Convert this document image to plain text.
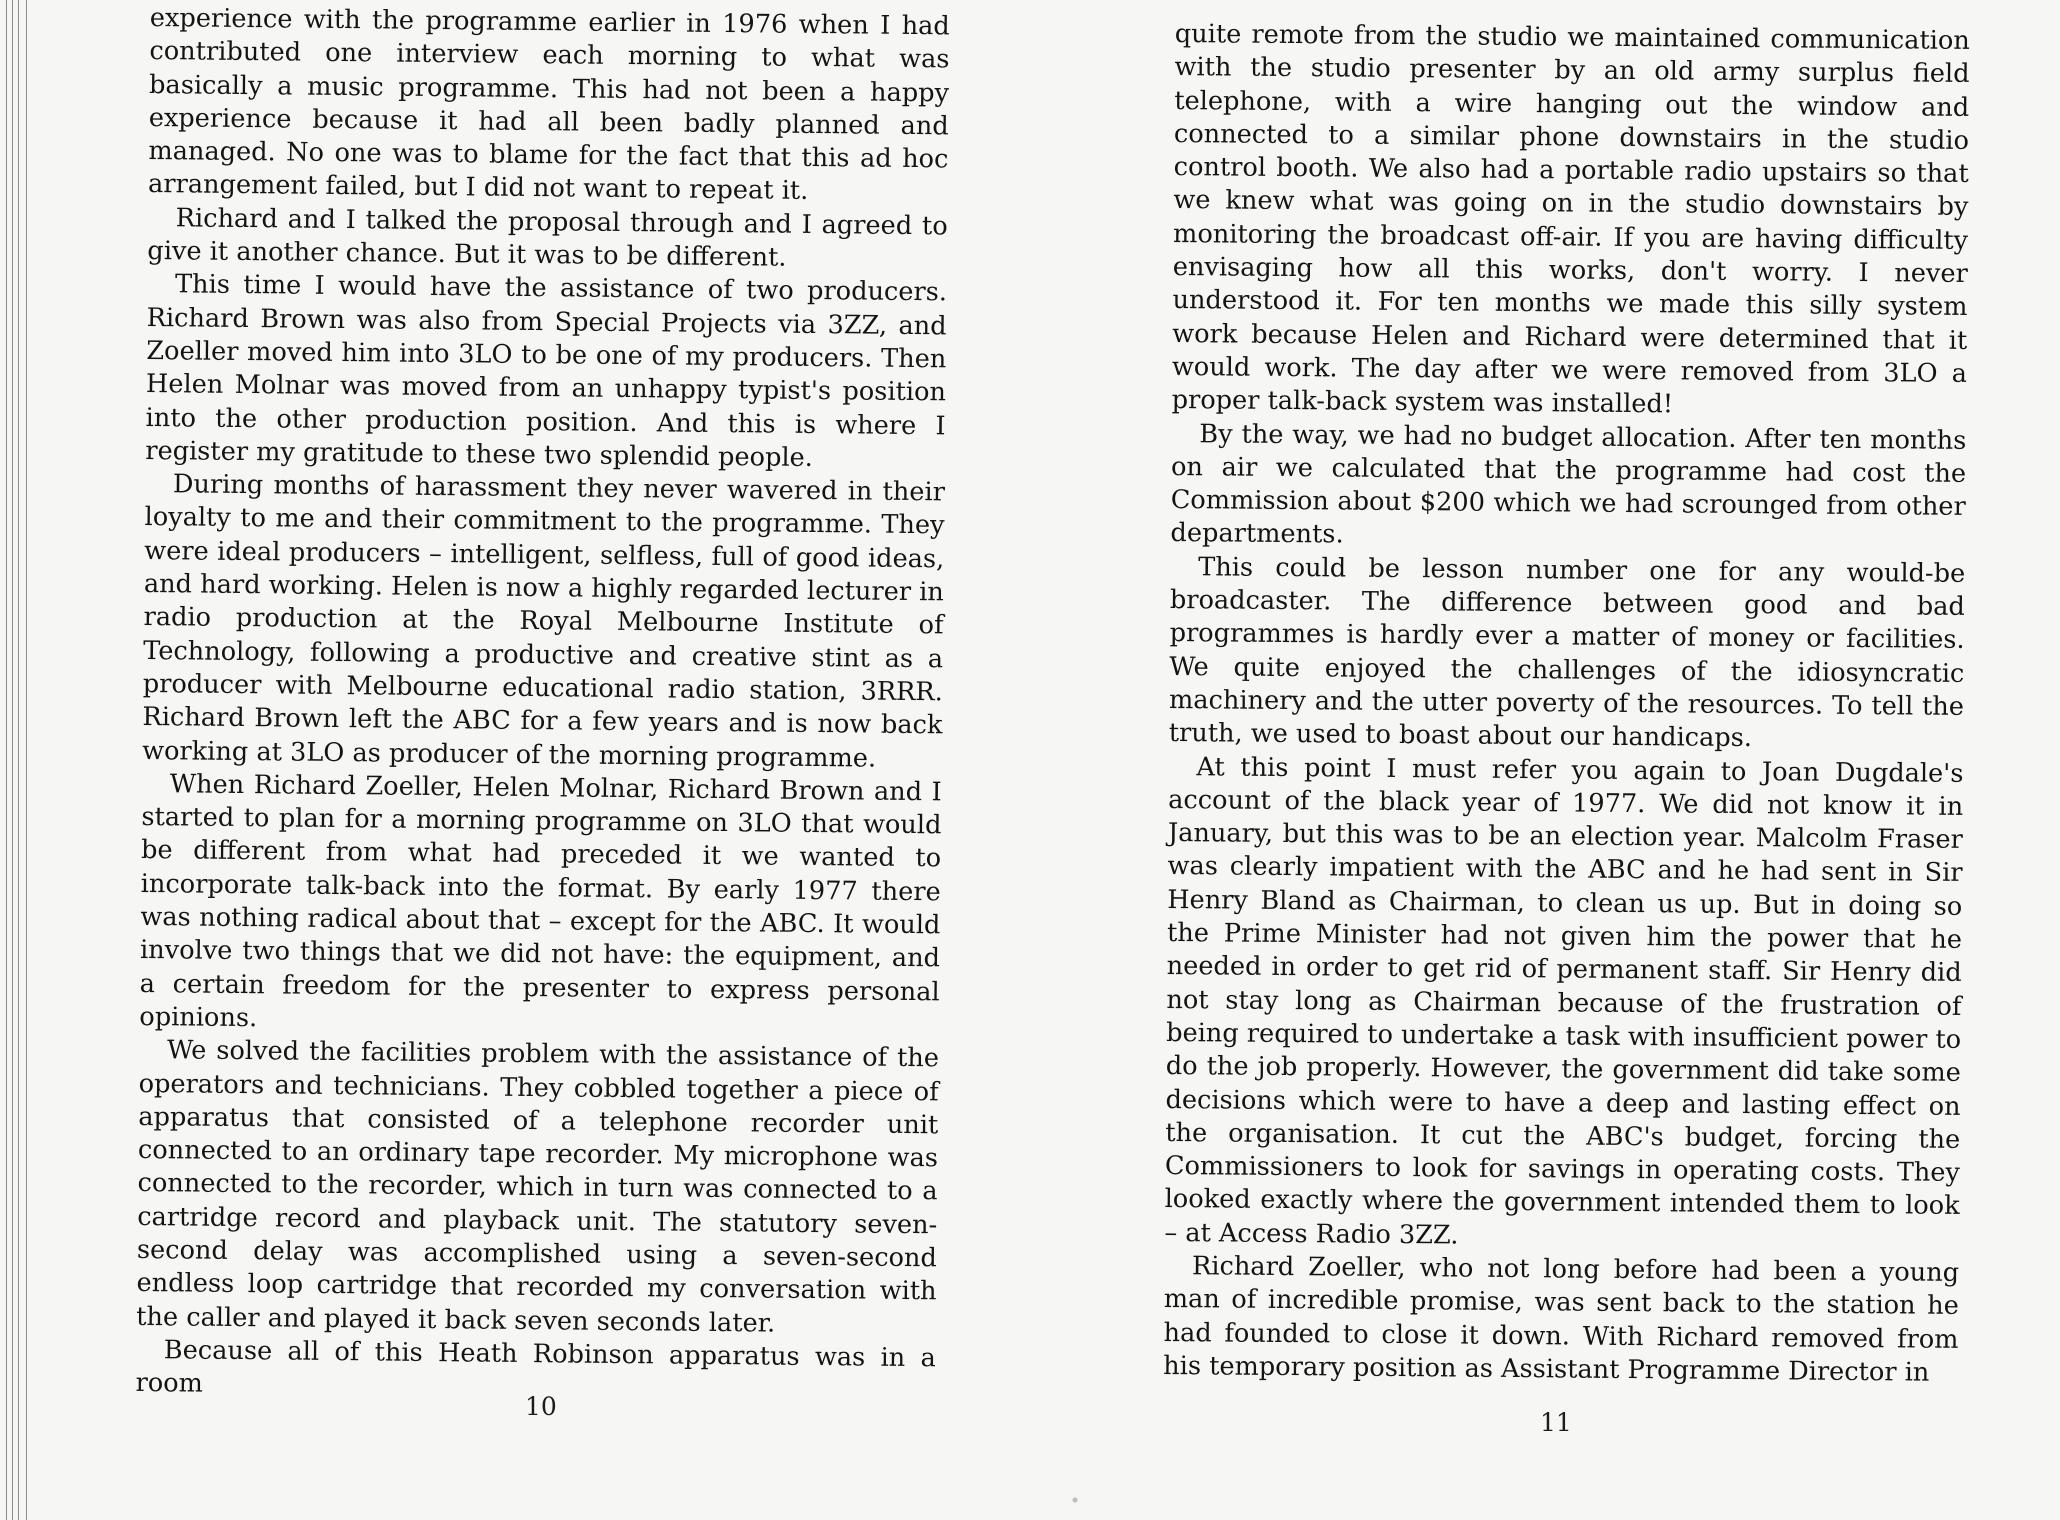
experience with the programme earlier in 1976 when I had contributed one interview each morning to what was basically a music programme. This had not been a happy experience because it had all been badly planned and managed. No one was to blame for the fact that this ad hoc arrangement failed, but I did not want to repeat it.

Richard and I talked the proposal through and I agreed to give it another chance. But it was to be different.

This time I would have the assistance of two producers. Richard Brown was also from Special Projects via 3ZZ, and Zoeller moved him into 3LO to be one of my producers. Then Helen Molnar was moved from an unhappy typist's position into the other production position. And this is where I register my gratitude to these two splendid people.

During months of harassment they never wavered in their loyalty to me and their commitment to the programme. They were ideal producers – intelligent, selfless, full of good ideas, and hard working. Helen is now a highly regarded lecturer in radio production at the Royal Melbourne Institute of Technology, following a productive and creative stint as a producer with Melbourne educational radio station, 3RRR. Richard Brown left the ABC for a few years and is now back working at 3LO as producer of the morning programme.

When Richard Zoeller, Helen Molnar, Richard Brown and I started to plan for a morning programme on 3LO that would be different from what had preceded it we wanted to incorporate talk-back into the format. By early 1977 there was nothing radical about that – except for the ABC. It would involve two things that we did not have: the equipment, and a certain freedom for the presenter to express personal opinions.

We solved the facilities problem with the assistance of the operators and technicians. They cobbled together a piece of apparatus that consisted of a telephone recorder unit connected to an ordinary tape recorder. My microphone was connected to the recorder, which in turn was connected to a cartridge record and playback unit. The statutory seven-second delay was accomplished using a seven-second endless loop cartridge that recorded my conversation with the caller and played it back seven seconds later.

Because all of this Heath Robinson apparatus was in a room

10

quite remote from the studio we maintained communication with the studio presenter by an old army surplus field telephone, with a wire hanging out the window and connected to a similar phone downstairs in the studio control booth. We also had a portable radio upstairs so that we knew what was going on in the studio downstairs by monitoring the broadcast off-air. If you are having difficulty envisaging how all this works, don't worry. I never understood it. For ten months we made this silly system work because Helen and Richard were determined that it would work. The day after we were removed from 3LO a proper talk-back system was installed!

By the way, we had no budget allocation. After ten months on air we calculated that the programme had cost the Commission about $200 which we had scrounged from other departments.

This could be lesson number one for any would-be broadcaster. The difference between good and bad programmes is hardly ever a matter of money or facilities. We quite enjoyed the challenges of the idiosyncratic machinery and the utter poverty of the resources. To tell the truth, we used to boast about our handicaps.

At this point I must refer you again to Joan Dugdale's account of the black year of 1977. We did not know it in January, but this was to be an election year. Malcolm Fraser was clearly impatient with the ABC and he had sent in Sir Henry Bland as Chairman, to clean us up. But in doing so the Prime Minister had not given him the power that he needed in order to get rid of permanent staff. Sir Henry did not stay long as Chairman because of the frustration of being required to undertake a task with insufficient power to do the job properly. However, the government did take some decisions which were to have a deep and lasting effect on the organisation. It cut the ABC's budget, forcing the Commissioners to look for savings in operating costs. They looked exactly where the government intended them to look – at Access Radio 3ZZ.

Richard Zoeller, who not long before had been a young man of incredible promise, was sent back to the station he had founded to close it down. With Richard removed from his temporary position as Assistant Programme Director in

11
